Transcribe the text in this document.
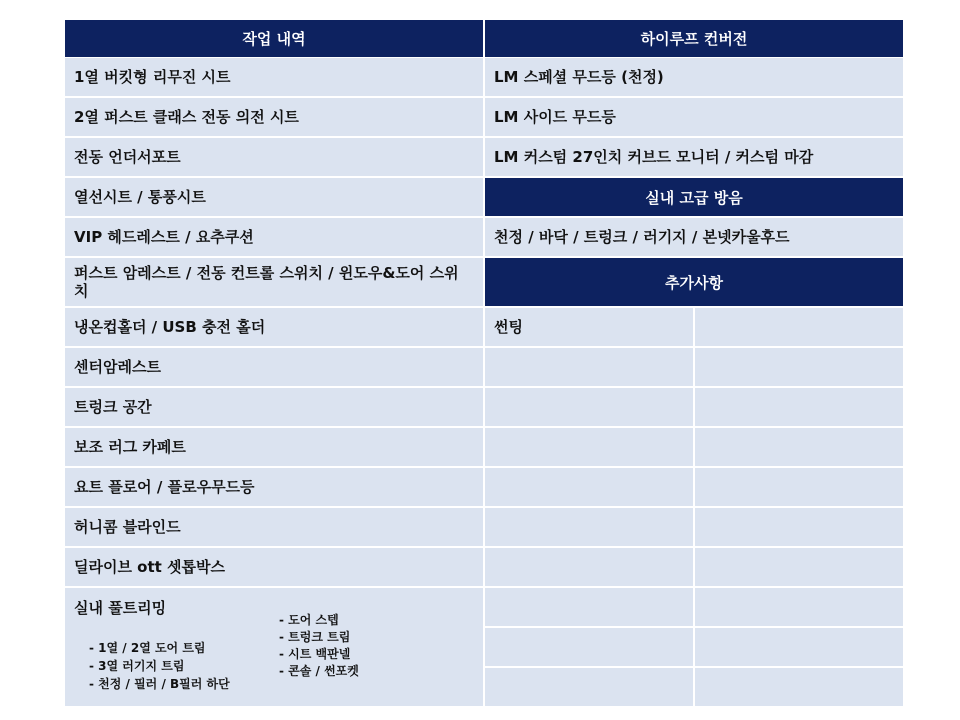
작업 내역	하이루프 컨버전
1열 버킷형 리무진 시트
2열 퍼스트 클래스 전동 의전 시트
전동 언더서포트
열선시트 / 통풍시트
VIP 헤드레스트 / 요추쿠션
퍼스트 암레스트 / 전동 컨트롤 스위치 / 윈도우&도어 스위치
냉온컵홀더 / USB 충전 홀더
센터암레스트
트렁크 공간
보조 러그 카페트
요트 플로어 / 플로우무드등
허니콤 블라인드
딜라이브 ott 셋톱박스
실내 풀트리밍
- 1열 / 2열 도어 트림
- 3열 러기지 트림
- 천정 / 필러 / B필러 하단
- 도어 스텝
- 트렁크 트림
- 시트 백판넬
- 콘솔 / 썬포켓
LM 스페셜 무드등 (천정)
LM 사이드 무드등
LM 커스텀 27인치 커브드 모니터 / 커스텀 마감
실내 고급 방음
천정 / 바닥 / 트렁크 / 러기지 / 본넷카울후드
추가사항
썬팅
